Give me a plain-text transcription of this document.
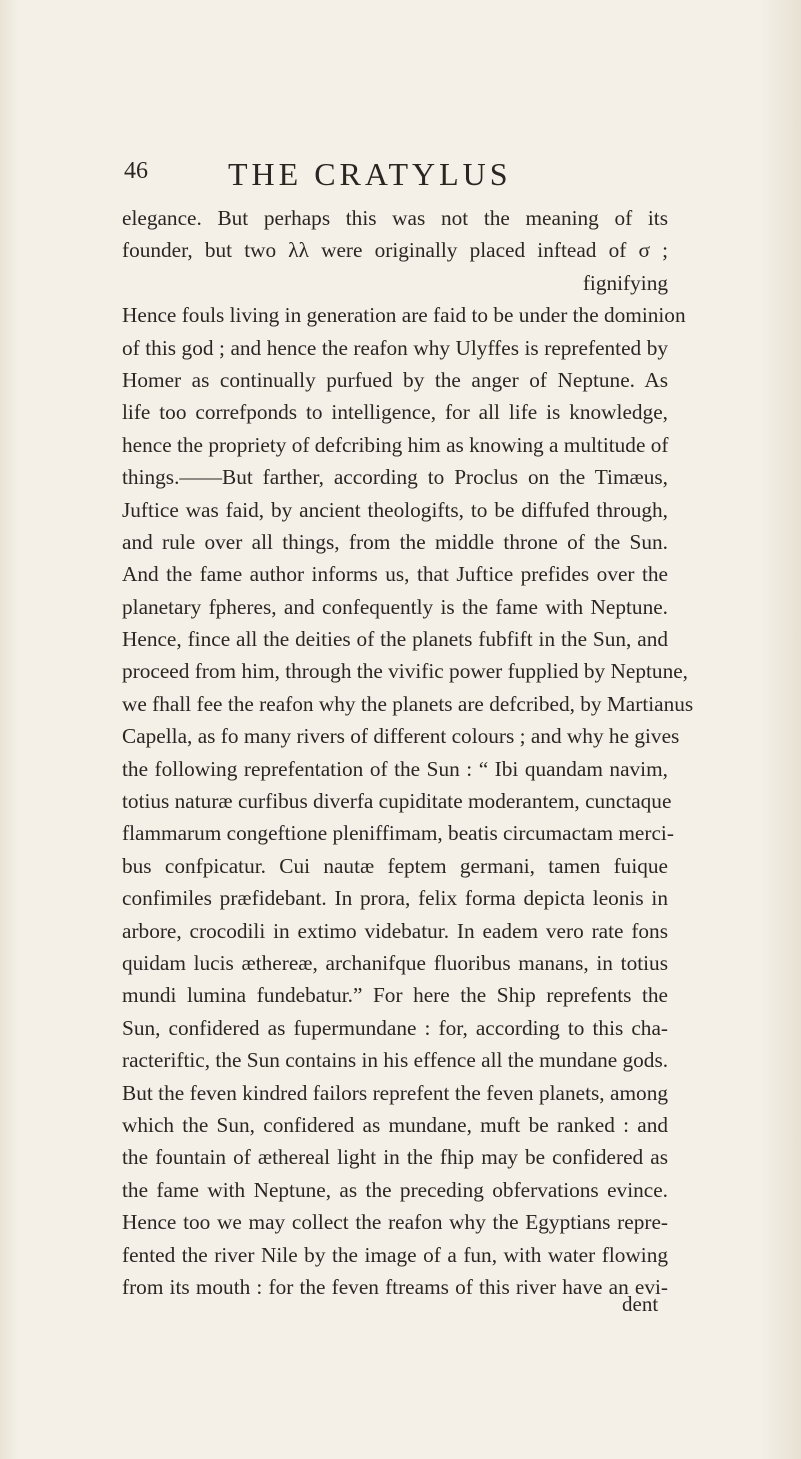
46	THE CRATYLUS
elegance. But perhaps this was not the meaning of its
founder, but two λλ were originally placed inftead of σ ;
fignifying
Hence fouls living in generation are faid to be under the dominion
of this god ; and hence the reafon why Ulyffes is reprefented by
Homer as continually purfued by the anger of Neptune. As
life too correfponds to intelligence, for all life is knowledge,
hence the propriety of defcribing him as knowing a multitude of
things.——But farther, according to Proclus on the Timæus,
Juftice was faid, by ancient theologifts, to be diffufed through,
and rule over all things, from the middle throne of the Sun.
And the fame author informs us, that Juftice prefides over the
planetary fpheres, and confequently is the fame with Neptune.
Hence, fince all the deities of the planets fubfift in the Sun, and
proceed from him, through the vivific power fupplied by Neptune,
we fhall fee the reafon why the planets are defcribed, by Martianus
Capella, as fo many rivers of different colours ; and why he gives
the following reprefentation of the Sun : “ Ibi quandam navim,
totius naturæ curfibus diverfa cupiditate moderantem, cunctaque
flammarum congeftione pleniffimam, beatis circumactam merci-
bus confpicatur. Cui nautæ feptem germani, tamen fuique
confimiles præfidebant. In prora, felix forma depicta leonis in
arbore, crocodili in extimo videbatur. In eadem vero rate fons
quidam lucis æthereæ, archanifque fluoribus manans, in totius
mundi lumina fundebatur.” For here the Ship reprefents the
Sun, confidered as fupermundane : for, according to this cha-
racteriftic, the Sun contains in his effence all the mundane gods.
But the feven kindred failors reprefent the feven planets, among
which the Sun, confidered as mundane, muft be ranked : and
the fountain of æthereal light in the fhip may be confidered as
the fame with Neptune, as the preceding obfervations evince.
Hence too we may collect the reafon why the Egyptians repre-
fented the river Nile by the image of a fun, with water flowing
from its mouth : for the feven ftreams of this river have an evi-
dent
